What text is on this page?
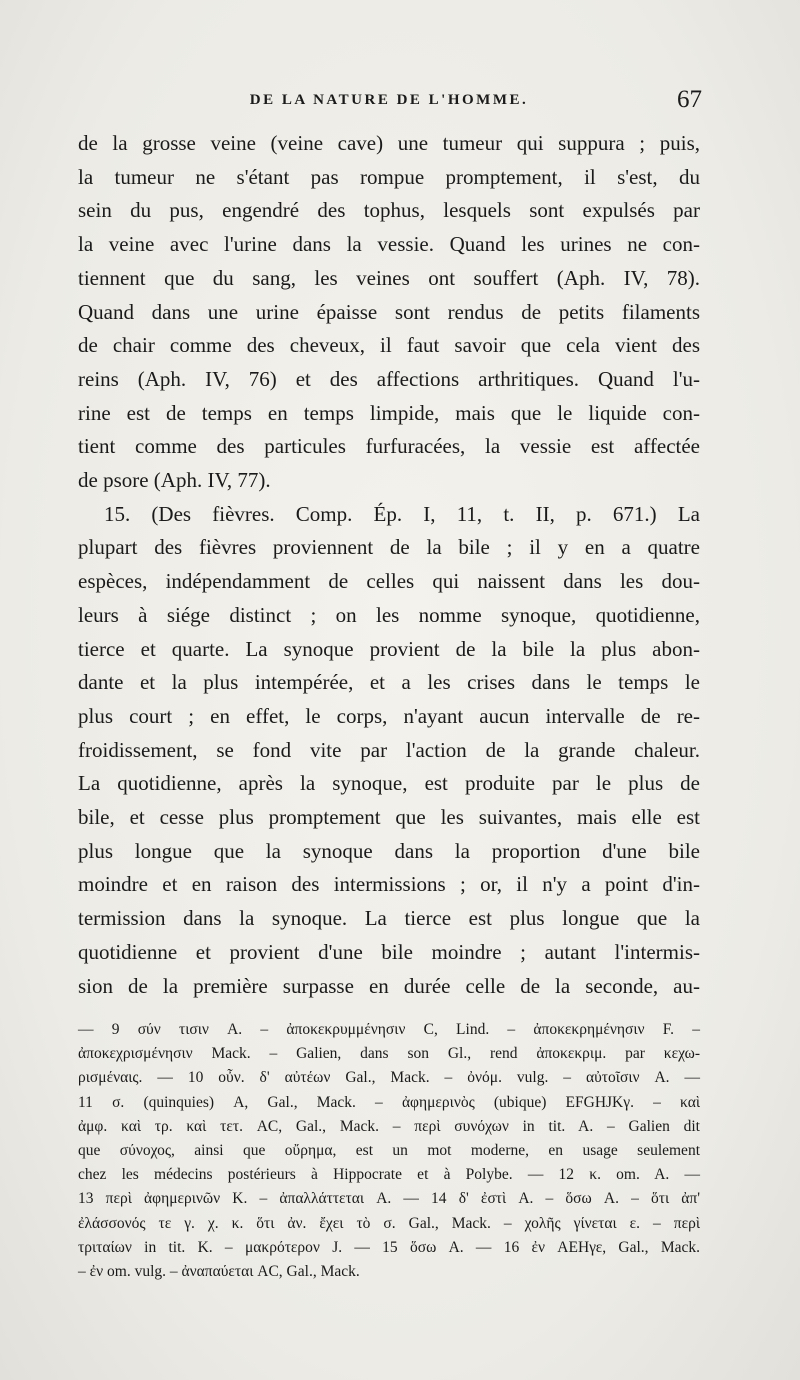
DE LA NATURE DE L'HOMME.	67
de la grosse veine (veine cave) une tumeur qui suppura ; puis,
la tumeur ne s'étant pas rompue promptement, il s'est, du
sein du pus, engendré des tophus, lesquels sont expulsés par
la veine avec l'urine dans la vessie. Quand les urines ne con-
tiennent que du sang, les veines ont souffert (Aph. IV, 78).
Quand dans une urine épaisse sont rendus de petits filaments
de chair comme des cheveux, il faut savoir que cela vient des
reins (Aph. IV, 76) et des affections arthritiques. Quand l'u-
rine est de temps en temps limpide, mais que le liquide con-
tient comme des particules furfuracées, la vessie est affectée
de psore (Aph. IV, 77).
15. (Des fièvres. Comp. Ép. I, 11, t. II, p. 671.) La
plupart des fièvres proviennent de la bile ; il y en a quatre
espèces, indépendamment de celles qui naissent dans les dou-
leurs à siége distinct ; on les nomme synoque, quotidienne,
tierce et quarte. La synoque provient de la bile la plus abon-
dante et la plus intempérée, et a les crises dans le temps le
plus court ; en effet, le corps, n'ayant aucun intervalle de re-
froidissement, se fond vite par l'action de la grande chaleur.
La quotidienne, après la synoque, est produite par le plus de
bile, et cesse plus promptement que les suivantes, mais elle est
plus longue que la synoque dans la proportion d'une bile
moindre et en raison des intermissions ; or, il n'y a point d'in-
termission dans la synoque. La tierce est plus longue que la
quotidienne et provient d'une bile moindre ; autant l'intermis-
sion de la première surpasse en durée celle de la seconde, au-
— 9 σύν τισιν A. – ἀποκεκρυμμένησιν C, Lind. – ἀποκεκρημένησιν F. –
ἀποκεχρισμένησιν Mack. – Galien, dans son Gl., rend ἀποκεκριμ. par κεχω-
ρισμέναις. — 10 οὖν. δ' αὐτέων Gal., Mack. – ὀνόμ. vulg. – αὐτοῖσιν A. —
11 σ. (quinquies) A, Gal., Mack. – ἀφημερινὸς (ubique) EFGHJKγ. – καὶ
ἀμφ. καὶ τρ. καὶ τετ. AC, Gal., Mack. – περὶ συνόχων in tit. A. – Galien dit
que σύνοχος, ainsi que οὔρημα, est un mot moderne, en usage seulement
chez les médecins postérieurs à Hippocrate et à Polybe. — 12 κ. om. A. —
13 περὶ ἀφημερινῶν K. – ἀπαλλάττεται A. — 14 δ' ἐστὶ A. – ὅσω A. – ὅτι ἀπ'
ἐλάσσονός τε γ. χ. κ. ὅτι ἀν. ἔχει τὸ σ. Gal., Mack. – χολῆς γίνεται ε. – περὶ
τριταίων in tit. K. – μακρότερον J. — 15 ὅσω A. — 16 ἐν AEHγε, Gal., Mack.
– ἐν om. vulg. – ἀναπαύεται AC, Gal., Mack.
